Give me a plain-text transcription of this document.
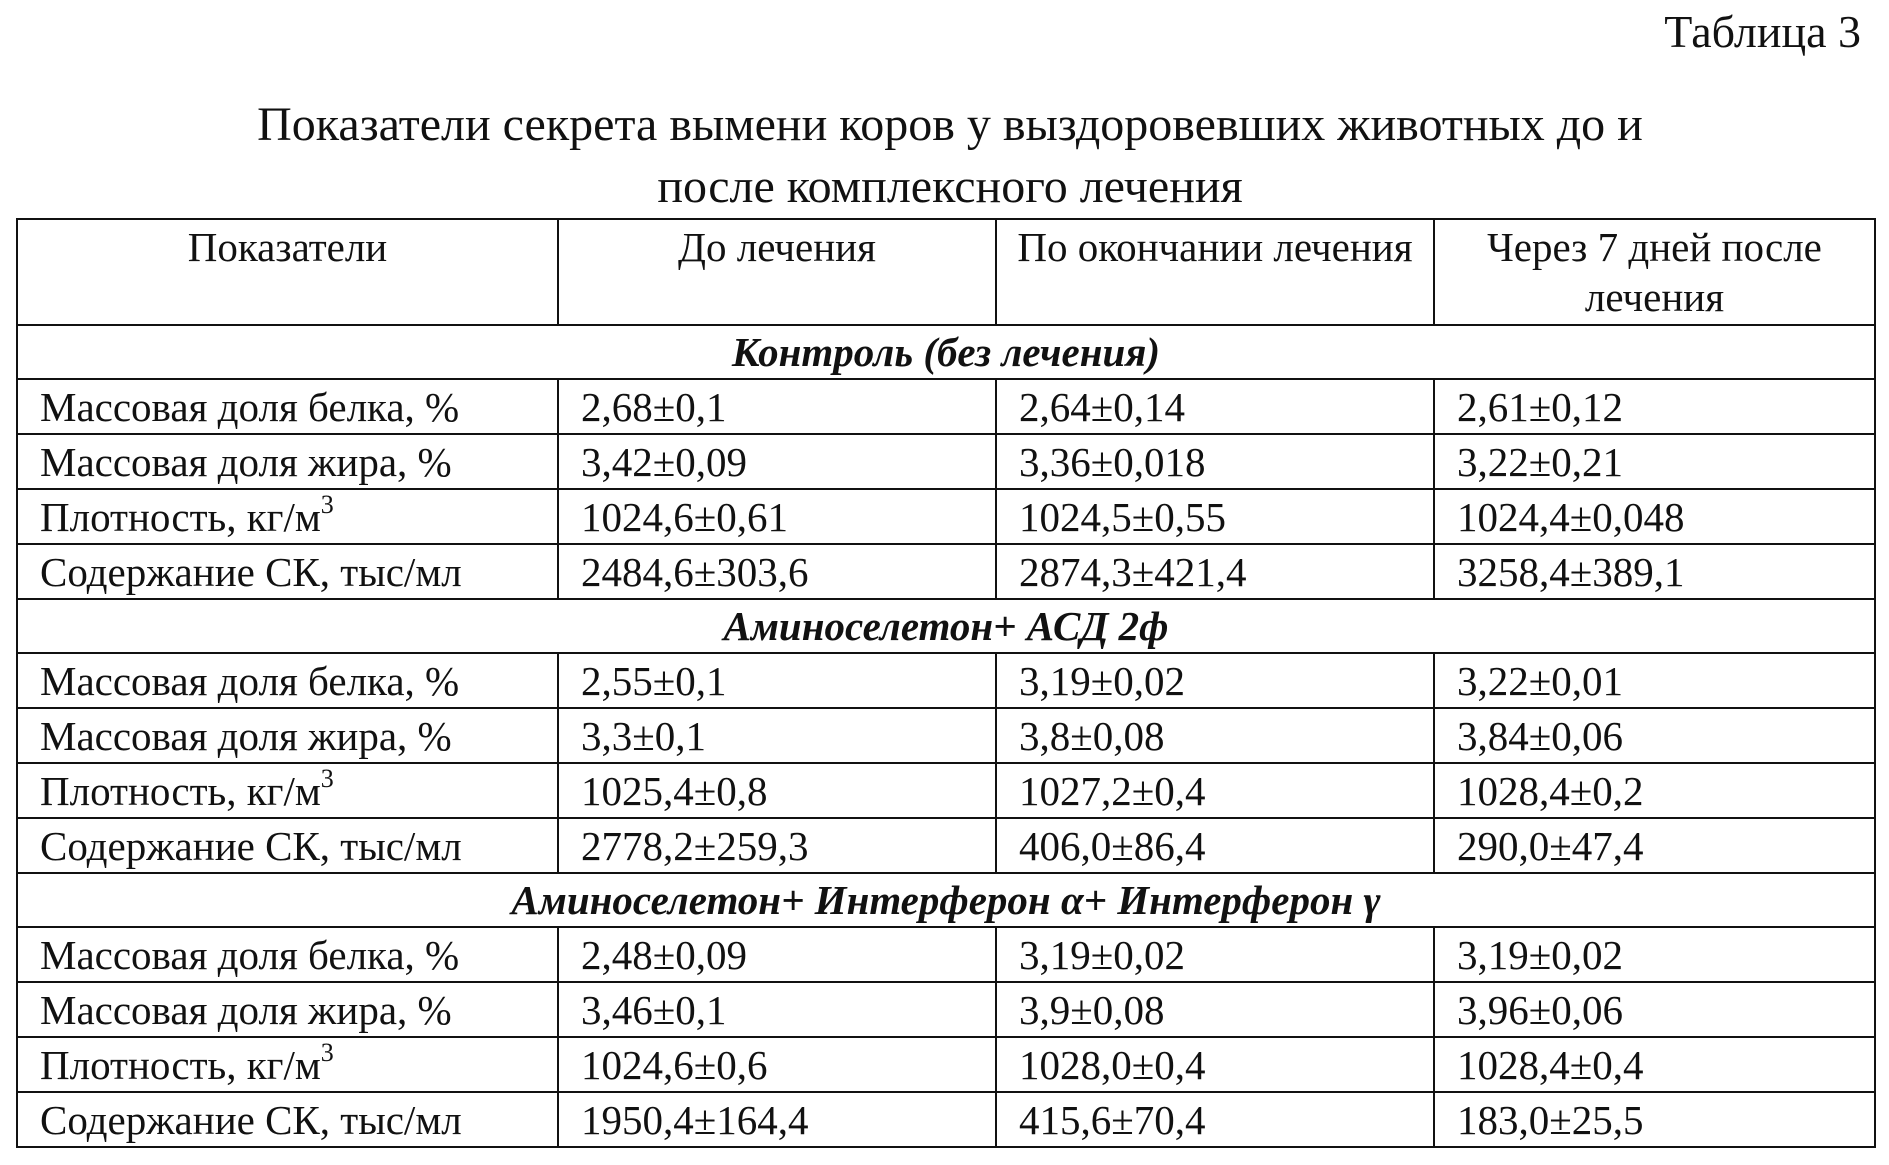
Таблица 3
Показатели секрета вымени коров у выздоровевших животных до и
после комплексного лечения
Показатели	До лечения	По окончании лечения	Через 7 дней после лечения
Контроль (без лечения)			
Массовая доля белка, %	2,68±0,1	2,64±0,14	2,61±0,12
Массовая доля жира, %	3,42±0,09	3,36±0,018	3,22±0,21
Плотность, $кг/м^3$	1024,6±0,61	1024,5±0,55	1024,4±0,048
Содержание СК, тыс/мл	2484,6±303,6	2874,3±421,4	3258,4±389,1
Аминоселетон+ АСД 2ф			
Массовая доля белка, %	2,55±0,1	3,19±0,02	3,22±0,01
Массовая доля жира, %	3,3±0,1	3,8±0,08	3,84±0,06
Плотность, $кг/м^3$	1025,4±0,8	1027,2±0,4	1028,4±0,2
Содержание СК, тыс/мл	2778,2±259,3	406,0±86,4	290,0±47,4
Аминоселетон+ Интерферон α+ Интерферон γ			
Массовая доля белка, %	2,48±0,09	3,19±0,02	3,19±0,02
Массовая доля жира, %	3,46±0,1	3,9±0,08	3,96±0,06
Плотность, $кг/м^3$	1024,6±0,6	1028,0±0,4	1028,4±0,4
Содержание СК, тыс/мл	1950,4±164,4	415,6±70,4	183,0±25,5
